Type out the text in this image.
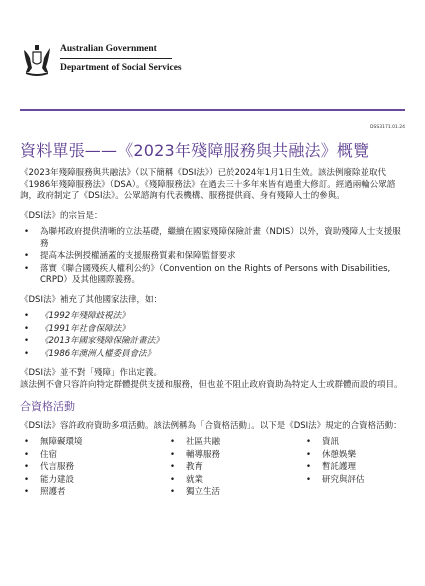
Australian Government
Department of Social Services
DSS3171.01.24
資料單張——《2023年殘障服務與共融法》概覽

《2023年殘障服務與共融法》（以下簡稱《DSI法》）已於2024年1月1日生效。該法例廢除並取代《1986年殘障服務法》（DSA）。《殘障服務法》在過去三十多年來皆有過重大修訂。經過兩輪公眾諮詢，政府制定了《DSI法》。公眾諮詢有代表機構、服務提供商、身有殘障人士的參與。

《DSI法》的宗旨是：

• 為聯邦政府提供清晰的立法基礎，繼續在國家殘障保險計畫（NDIS）以外，資助殘障人士支援服務
• 提高本法例授權涵蓋的支援服務質素和保障監督要求
• 落實《聯合國殘疾人權利公約》（Convention on the Rights of Persons with Disabilities, CRPD）及其他國際義務。

《DSI法》補充了其他國家法律，如：

• 《1992年殘障歧視法》
• 《1991年社會保障法》
• 《2013年國家殘障保險計畫法》
• 《1986年澳洲人權委員會法》

《DSI法》並不對「殘障」作出定義。
該法例不會只容許向特定群體提供支援和服務，但也並不阻止政府資助為特定人士或群體而設的項目。

合資格活動

《DSI法》容許政府資助多項活動。該法例稱為「合資格活動」。以下是《DSI法》規定的合資格活動：

• 無障礙環境
• 住宿
• 代言服務
• 能力建設
• 照護者
• 社區共融
• 輔導服務
• 教育
• 就業
• 獨立生活
• 資訊
• 休憩娛樂
• 暫託護理
• 研究與評估
